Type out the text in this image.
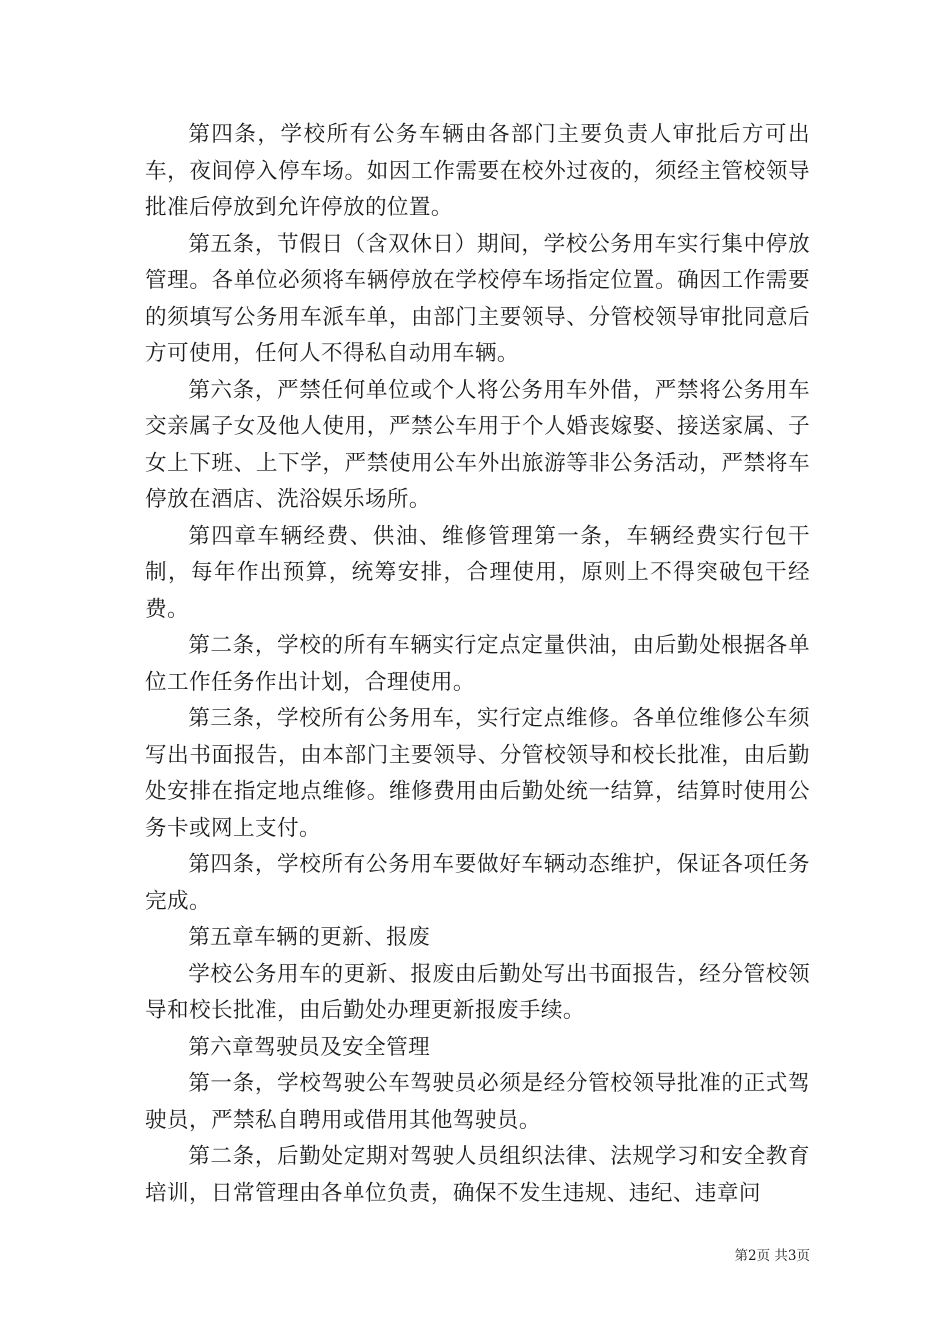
第四条，学校所有公务车辆由各部门主要负责人审批后方可出车，夜间停入停车场。如因工作需要在校外过夜的，须经主管校领导批准后停放到允许停放的位置。

第五条，节假日（含双休日）期间，学校公务用车实行集中停放管理。各单位必须将车辆停放在学校停车场指定位置。确因工作需要的须填写公务用车派车单，由部门主要领导、分管校领导审批同意后方可使用，任何人不得私自动用车辆。

第六条，严禁任何单位或个人将公务用车外借，严禁将公务用车交亲属子女及他人使用，严禁公车用于个人婚丧嫁娶、接送家属、子女上下班、上下学，严禁使用公车外出旅游等非公务活动，严禁将车停放在酒店、洗浴娱乐场所。

第四章车辆经费、供油、维修管理第一条，车辆经费实行包干制，每年作出预算，统筹安排，合理使用，原则上不得突破包干经费。

第二条，学校的所有车辆实行定点定量供油，由后勤处根据各单位工作任务作出计划，合理使用。

第三条，学校所有公务用车，实行定点维修。各单位维修公车须写出书面报告，由本部门主要领导、分管校领导和校长批准，由后勤处安排在指定地点维修。维修费用由后勤处统一结算，结算时使用公务卡或网上支付。

第四条，学校所有公务用车要做好车辆动态维护，保证各项任务完成。

第五章车辆的更新、报废

学校公务用车的更新、报废由后勤处写出书面报告，经分管校领导和校长批准，由后勤处办理更新报废手续。

第六章驾驶员及安全管理

第一条，学校驾驶公车驾驶员必须是经分管校领导批准的正式驾驶员，严禁私自聘用或借用其他驾驶员。

第二条，后勤处定期对驾驶人员组织法律、法规学习和安全教育培训，日常管理由各单位负责，确保不发生违规、违纪、违章问

第2页 共3页
